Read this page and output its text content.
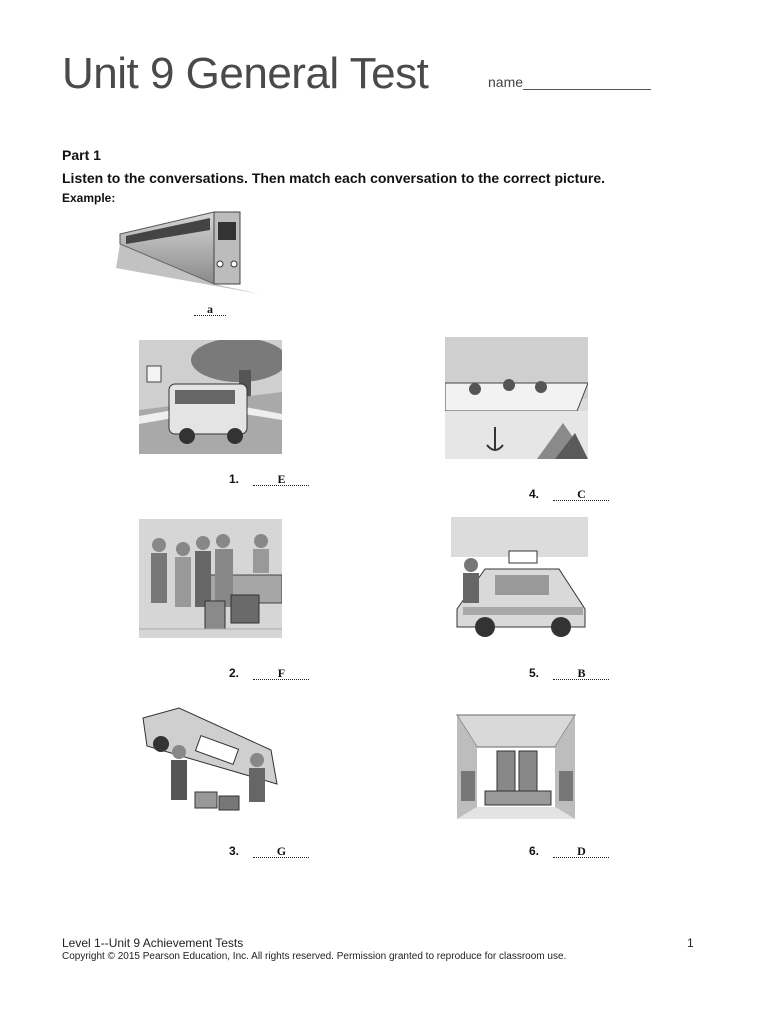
Unit 9 General Test	name
Part 1
Listen to the conversations. Then match each conversation to the correct picture.
Example:
a
1.	E
4.	C
2.	F	5.	B
3.	G	6.	D
Level 1--Unit 9 Achievement Tests
Copyright © 2015 Pearson Education, Inc. All rights reserved. Permission granted to reproduce for classroom use.
1
